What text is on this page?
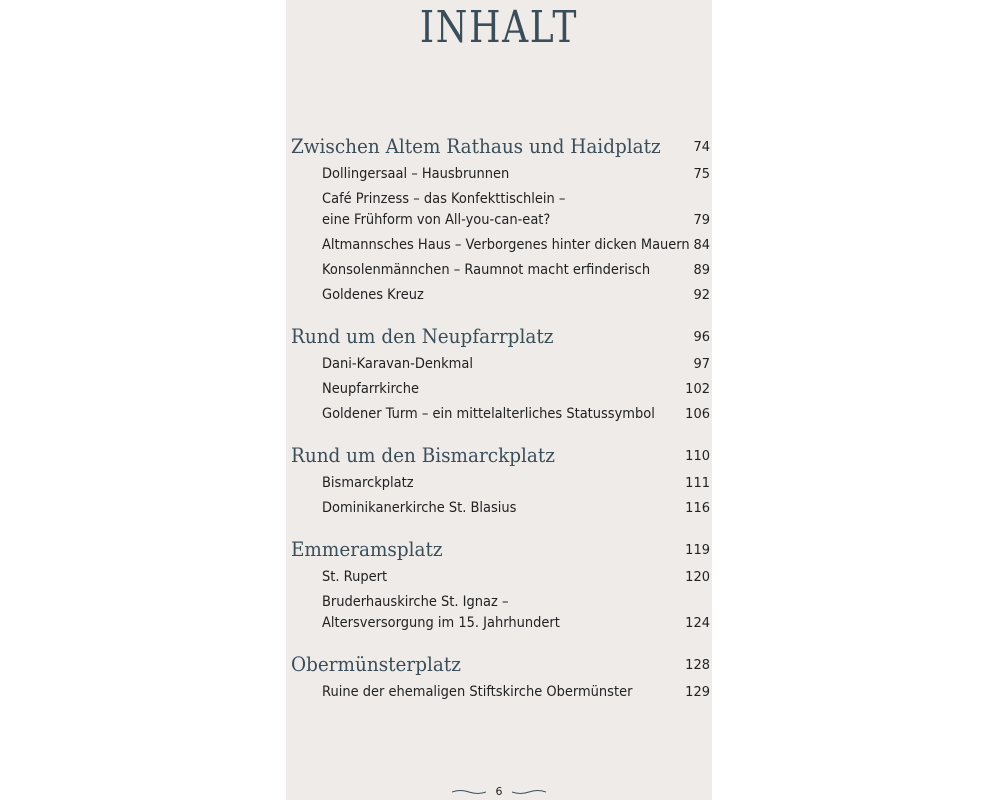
INHALT
Zwischen Altem Rathaus und Haidplatz	74
Dollingersaal – Hausbrunnen	75
Café Prinzess – das Konfekttischlein –
eine Frühform von All-you-can-eat?	79
Altmannsches Haus – Verborgenes hinter dicken Mauern 84
Konsolenmännchen – Raumnot macht erfinderisch	89
Goldenes Kreuz	92
Rund um den Neupfarrplatz	96
Dani-Karavan-Denkmal	97
Neupfarrkirche	102
Goldener Turm – ein mittelalterliches Statussymbol 106
Rund um den Bismarckplatz	110
Bismarckplatz	111
Dominikanerkirche St. Blasius	116
Emmeramsplatz	119
St. Rupert	120
Bruderhauskirche St. Ignaz –
Altersversorgung im 15. Jahrhundert	124
Obermünsterplatz	128
Ruine der ehemaligen Stiftskirche Obermünster	129
6
